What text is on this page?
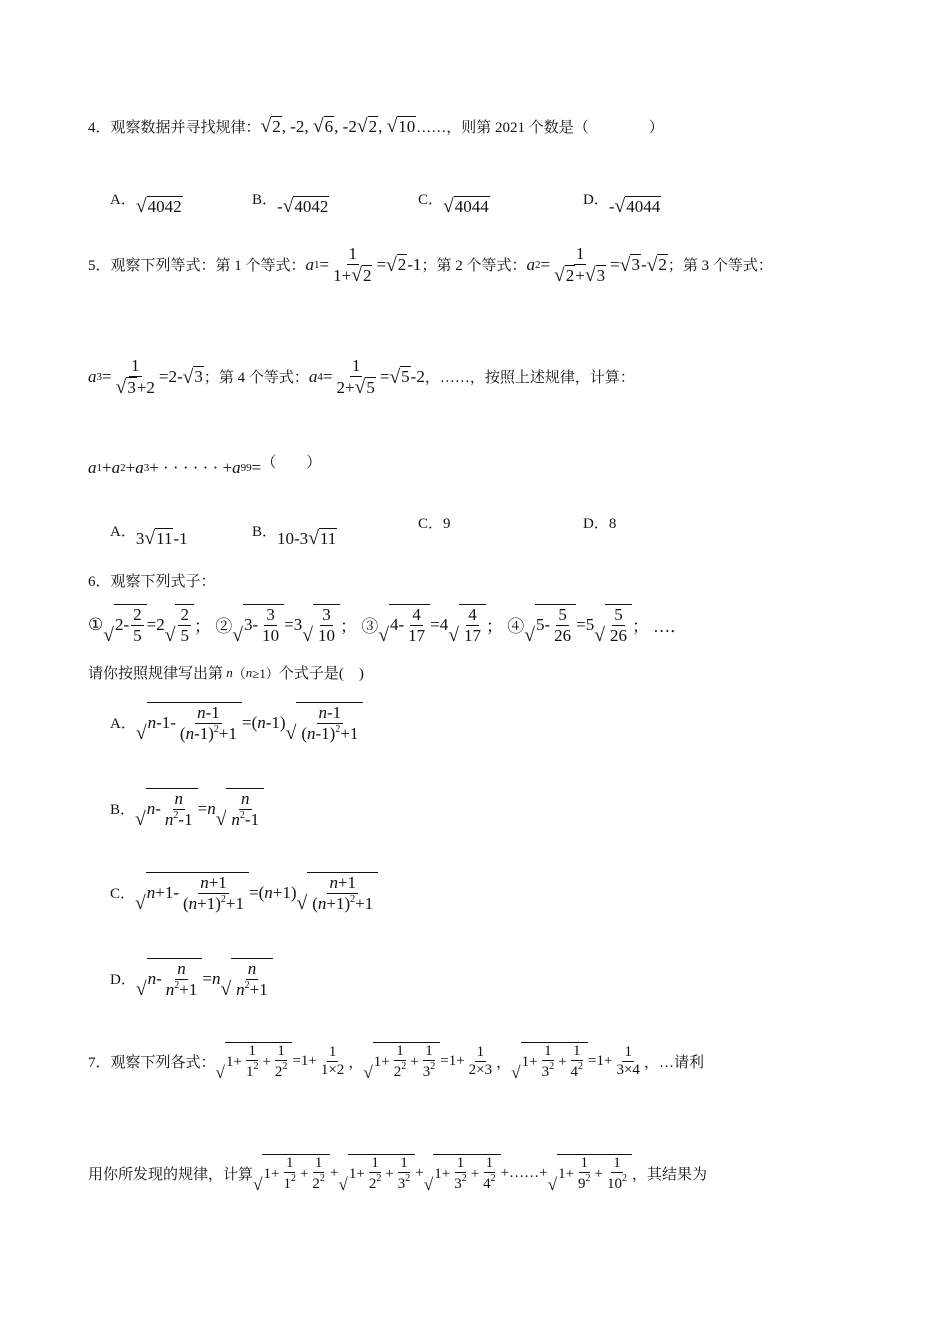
4．观察数据并寻找规律： √ 2 , -2, √ 6 , -2 √ 2 , √ 10 ……，则第 2021 个数是（　　　　）
A． √ 4042	B． - √ 4042	C． √ 4044	D． - √ 4044
5．观察下列等式：第 1 个等式： a $1 = \frac{1}{1+ √ 2}$ = √ 2 -1 ；第 2 个等式： a $2 = \frac{1}{√ 2 + √ 3}$ = √ 3 - √ 2 ；第 3 个等式：
a $3 = \frac{1}{√ 3 +2} =2-$ √ 3 ；第 4 个等式： a $4 = \frac{1}{2+ √ 5}$ = √ 5 -2 ，……，按照上述规律，计算：
a 1 + a 2 + a 3 + · · · · · · + a 99 = （　　）
A． 3 √ 11 -1	B． 10-3 √ 11
C．9	D．8
6．观察下列式子：
①
√ $2- \frac{2}{5} =2$
√ $\frac{2}{5}$ ； ② √ $3- \frac{3}{10} =3$
√ $\frac{3}{10}$ ； ③ √ $4- \frac{4}{17} =4$
√ $\frac{4}{17}$ ； ④ √ $5- \frac{5}{26} =5$
√ $\frac{5}{26}$ ； …．
请你按照规律写出第
n （ n ≥1） 个式子是(　)
A． √ n $-1- \frac{n-1}{(n-1)^2+1}$ =( n -1)
√ $\frac{n-1}{(n-1)^2+1}$
B． √ $n - \frac{n}{n^2-1} = n$
√ $\frac{n}{n^2-1}$
C． √ $n +1- \frac{n+1}{(n+1)^2+1}$ =( n +1)
√ $\frac{n+1}{(n+1)^2+1}$
D． √ $n - \frac{n}{n^2+1} = n$
√ $\frac{n}{n^2+1}$
7．观察下列各式： √
$1+ \frac{1}{1^2} + \frac{1}{2^2} =1+ \frac{1}{1\times 2}$ ， √
$1+ \frac{1}{2^2} + \frac{1}{3^2} =1+ \frac{1}{2\times 3}$ ， √
$1+ \frac{1}{3^2} + \frac{1}{4^2} =1+ \frac{1}{3\times 4}$ ，…请利
用你所发现的规律，计算 √
$1+ \frac{1}{1^2} + \frac{1}{2^2}$ +
√
$1+ \frac{1}{2^2} + \frac{1}{3^2}$ +
√
$1+ \frac{1}{3^2} + \frac{1}{4^2}$ +……+
√
$1+ \frac{1}{9^2} + \frac{1}{10^2}$ ，其结果为
